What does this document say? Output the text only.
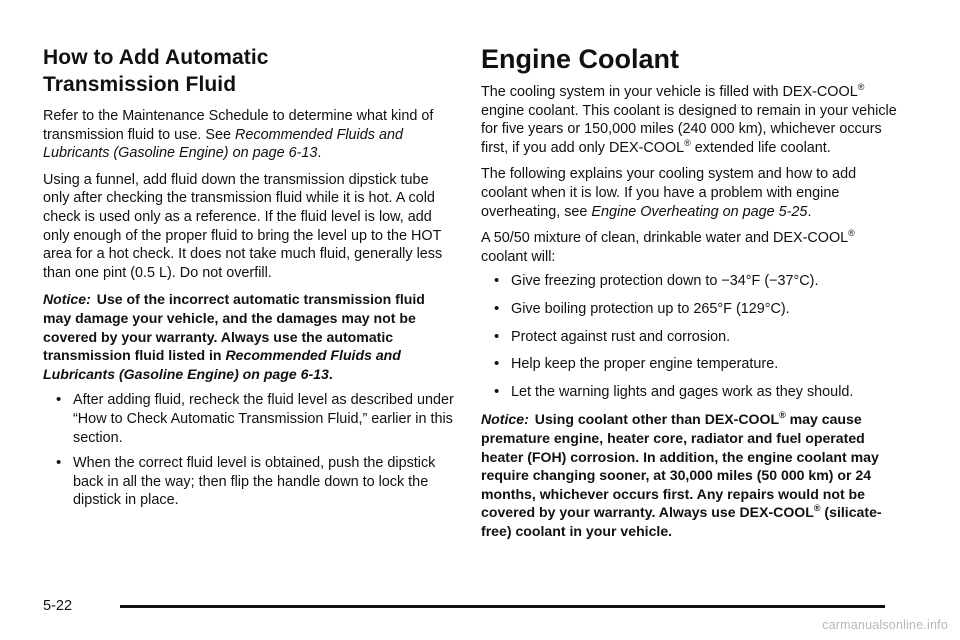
How to Add Automatic
Transmission Fluid

Refer to the Maintenance Schedule to determine what kind of transmission fluid to use. See Recommended Fluids and Lubricants (Gasoline Engine) on page 6-13.

Using a funnel, add fluid down the transmission dipstick tube only after checking the transmission fluid while it is hot. A cold check is used only as a reference. If the fluid level is low, add only enough of the proper fluid to bring the level up to the HOT area for a hot check. It does not take much fluid, generally less than one pint (0.5 L). Do not overfill.

Notice: Use of the incorrect automatic transmission fluid may damage your vehicle, and the damages may not be covered by your warranty. Always use the automatic transmission fluid listed in Recommended Fluids and Lubricants (Gasoline Engine) on page 6-13.

• After adding fluid, recheck the fluid level as described under “How to Check Automatic Transmission Fluid,” earlier in this section.
• When the correct fluid level is obtained, push the dipstick back in all the way; then flip the handle down to lock the dipstick in place.
Engine Coolant

The cooling system in your vehicle is filled with DEX-COOL® engine coolant. This coolant is designed to remain in your vehicle for five years or 150,000 miles (240 000 km), whichever occurs first, if you add only DEX-COOL® extended life coolant.

The following explains your cooling system and how to add coolant when it is low. If you have a problem with engine overheating, see Engine Overheating on page 5-25.

A 50/50 mixture of clean, drinkable water and DEX-COOL® coolant will:

• Give freezing protection down to −34°F (−37°C).
• Give boiling protection up to 265°F (129°C).
• Protect against rust and corrosion.
• Help keep the proper engine temperature.
• Let the warning lights and gages work as they should.

Notice: Using coolant other than DEX-COOL® may cause premature engine, heater core, radiator and fuel operated heater (FOH) corrosion. In addition, the engine coolant may require changing sooner, at 30,000 miles (50 000 km) or 24 months, whichever occurs first. Any repairs would not be covered by your warranty. Always use DEX-COOL® (silicate-free) coolant in your vehicle.

5-22
carmanualsonline.info
